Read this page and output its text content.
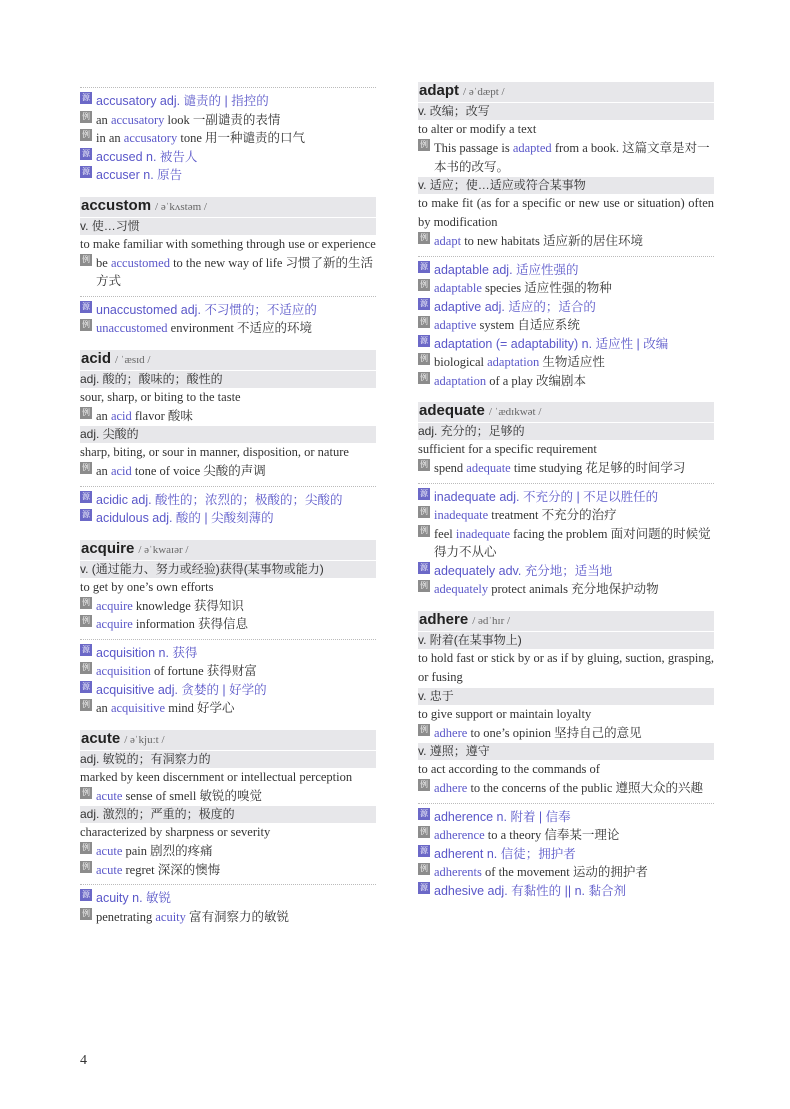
源 accusatory adj. 谴责的 | 指控的
例 an accusatory look 一副谴责的表情
例 in an accusatory tone 用一种谴责的口气
源 accused n. 被告人
源 accuser n. 原告
accustom / əˈkʌstəm /
v. 使…习惯
to make familiar with something through use or experience
例 be accustomed to the new way of life 习惯了新的生活方式
源 unaccustomed adj. 不习惯的；不适应的
例 unaccustomed environment 不适应的环境
acid / ˈæsɪd /
adj. 酸的；酸味的；酸性的
sour, sharp, or biting to the taste
例 an acid flavor 酸味
adj. 尖酸的
sharp, biting, or sour in manner, disposition, or nature
例 an acid tone of voice 尖酸的声调
源 acidic adj. 酸性的；浓烈的；极酸的；尖酸的
源 acidulous adj. 酸的 | 尖酸刻薄的
acquire / əˈkwaɪər /
v. (通过能力、努力或经验)获得(某事物或能力)
to get by one’s own efforts
例 acquire knowledge 获得知识
例 acquire information 获得信息
源 acquisition n. 获得
例 acquisition of fortune 获得财富
源 acquisitive adj. 贪婪的 | 好学的
例 an acquisitive mind 好学心
acute / əˈkjuːt /
adj. 敏锐的；有洞察力的
marked by keen discernment or intellectual perception
例 acute sense of smell 敏锐的嗅觉
adj. 激烈的；严重的；极度的
characterized by sharpness or severity
例 acute pain 剧烈的疼痛
例 acute regret 深深的懊悔
源 acuity n. 敏锐
例 penetrating acuity 富有洞察力的敏锐
adapt / əˈdæpt /
v. 改编；改写
to alter or modify a text
例 This passage is adapted from a book. 这篇文章是对一本书的改写。
v. 适应；使…适应或符合某事物
to make fit (as for a specific or new use or situation) often by modification
例 adapt to new habitats 适应新的居住环境
源 adaptable adj. 适应性强的
例 adaptable species 适应性强的物种
源 adaptive adj. 适应的；适合的
例 adaptive system 自适应系统
源 adaptation (= adaptability) n. 适应性 | 改编
例 biological adaptation 生物适应性
例 adaptation of a play 改编剧本
adequate / ˈædɪkwət /
adj. 充分的；足够的
sufficient for a specific requirement
例 spend adequate time studying 花足够的时间学习
源 inadequate adj. 不充分的 | 不足以胜任的
例 inadequate treatment 不充分的治疗
例 feel inadequate facing the problem 面对问题的时候觉得力不从心
源 adequately adv. 充分地；适当地
例 adequately protect animals 充分地保护动物
adhere / ədˈhɪr /
v. 附着(在某事物上)
to hold fast or stick by or as if by gluing, suction, grasping, or fusing
v. 忠于
to give support or maintain loyalty
例 adhere to one’s opinion 坚持自己的意见
v. 遵照；遵守
to act according to the commands of
例 adhere to the concerns of the public 遵照大众的兴趣
源 adherence n. 附着 | 信奉
例 adherence to a theory 信奉某一理论
源 adherent n. 信徒；拥护者
例 adherents of the movement 运动的拥护者
源 adhesive adj. 有黏性的 || n. 黏合剂
4
